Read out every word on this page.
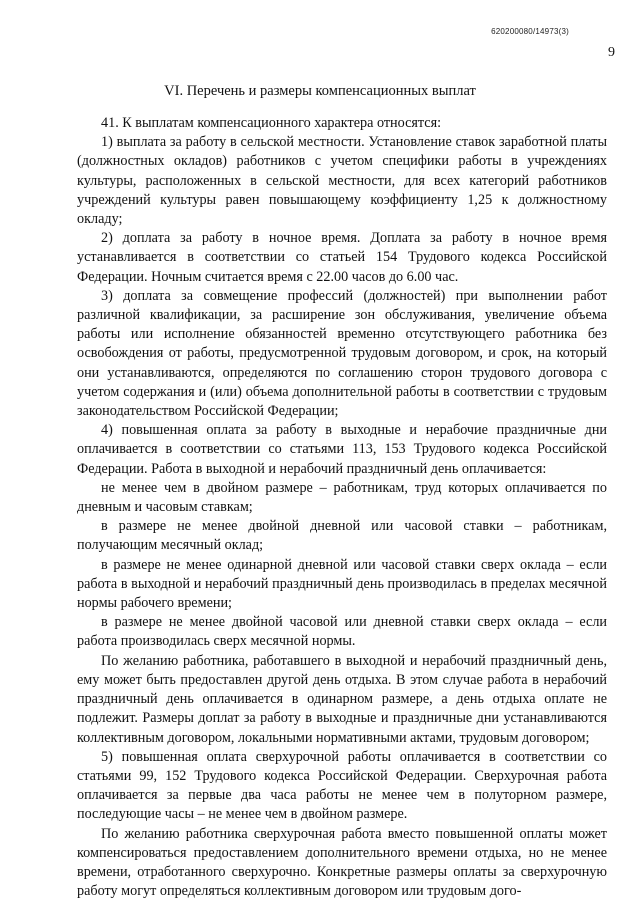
620200080/14973(3)
9
VI. Перечень и размеры компенсационных выплат

41. К выплатам компенсационного характера относятся:

1) выплата за работу в сельской местности. Установление ставок заработной платы (должностных окладов) работников с учетом специфики работы в учреждениях культуры, расположенных в сельской местности, для всех категорий работников учреждений культуры равен повышающему коэффициенту 1,25 к должностному окладу;

2) доплата за работу в ночное время. Доплата за работу в ночное время устанавливается в соответствии со статьей 154 Трудового кодекса Российской Федерации. Ночным считается время с 22.00 часов до 6.00 час.

3) доплата за совмещение профессий (должностей) при выполнении работ различной квалификации, за расширение зон обслуживания, увеличение объема работы или исполнение обязанностей временно отсутствующего работника без освобождения от работы, предусмотренной трудовым договором, и срок, на который они устанавливаются, определяются по соглашению сторон трудового договора с учетом содержания и (или) объема дополнительной работы в соответствии с трудовым законодательством Российской Федерации;

4) повышенная оплата за работу в выходные и нерабочие праздничные дни оплачивается в соответствии со статьями 113, 153 Трудового кодекса Российской Федерации. Работа в выходной и нерабочий праздничный день оплачивается:

не менее чем в двойном размере – работникам, труд которых оплачивается по дневным и часовым ставкам;

в размере не менее двойной дневной или часовой ставки – работникам, получающим месячный оклад;

в размере не менее одинарной дневной или часовой ставки сверх оклада – если работа в выходной и нерабочий праздничный день производилась в пределах месячной нормы рабочего времени;

в размере не менее двойной часовой или дневной ставки сверх оклада – если работа производилась сверх месячной нормы.

По желанию работника, работавшего в выходной и нерабочий праздничный день, ему может быть предоставлен другой день отдыха. В этом случае работа в нерабочий праздничный день оплачивается в одинарном размере, а день отдыха оплате не подлежит. Размеры доплат за работу в выходные и праздничные дни устанавливаются коллективным договором, локальными нормативными актами, трудовым договором;

5) повышенная оплата сверхурочной работы оплачивается в соответствии со статьями 99, 152 Трудового кодекса Российской Федерации. Сверхурочная работа оплачивается за первые два часа работы не менее чем в полуторном размере, последующие часы – не менее чем в двойном размере.

По желанию работника сверхурочная работа вместо повышенной оплаты может компенсироваться предоставлением дополнительного времени отдыха, но не менее времени, отработанного сверхурочно. Конкретные размеры оплаты за сверхурочную работу могут определяться коллективным договором или трудовым дого-
